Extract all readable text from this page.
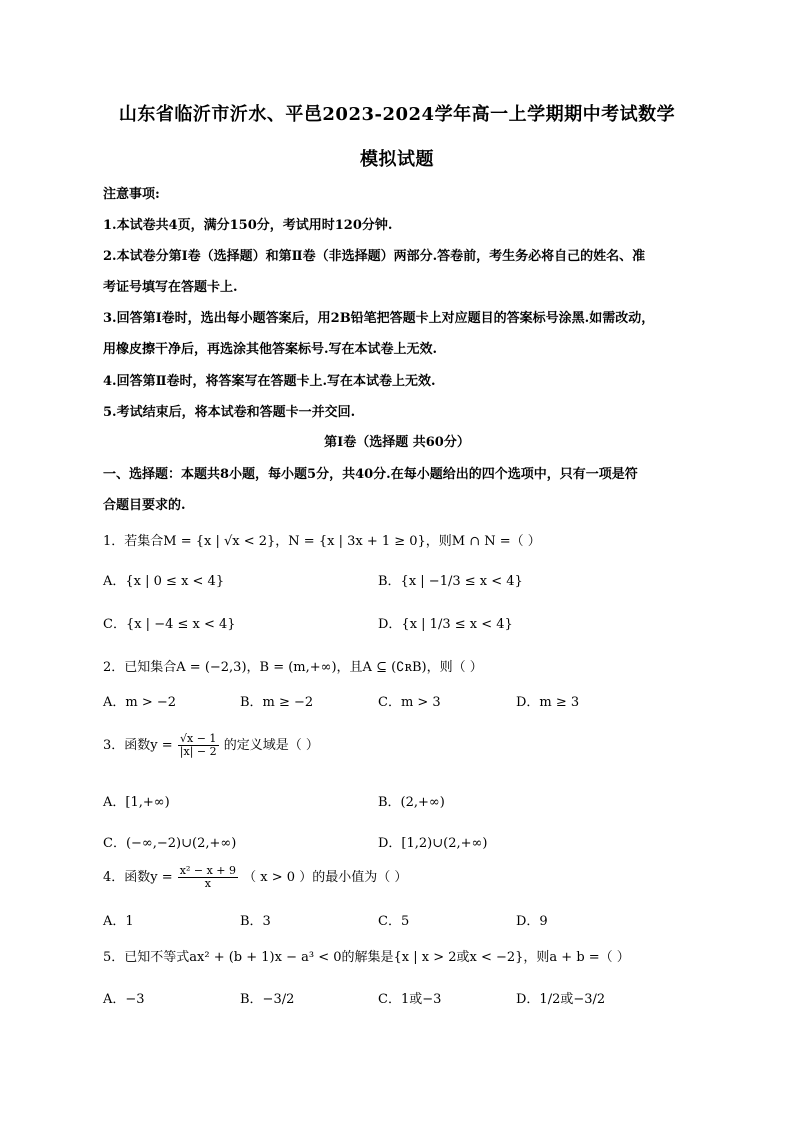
山东省临沂市沂水、平邑2023-2024学年高一上学期期中考试数学
模拟试题
注意事项:
1.本试卷共4页，满分150分，考试用时120分钟.
2.本试卷分第Ⅰ卷（选择题）和第Ⅱ卷（非选择题）两部分.答卷前，考生务必将自己的姓名、准
考证号填写在答题卡上.
3.回答第Ⅰ卷时，选出每小题答案后，用2B铅笔把答题卡上对应题目的答案标号涂黑.如需改动，
用橡皮擦干净后，再选涂其他答案标号.写在本试卷上无效.
4.回答第Ⅱ卷时，将答案写在答题卡上.写在本试卷上无效.
5.考试结束后，将本试卷和答题卡一并交回.
第Ⅰ卷（选择题 共60分）
一、选择题：本题共8小题，每小题5分，共40分.在每小题给出的四个选项中，只有一项是符
合题目要求的.
1．若集合M = {x | √x < 2}，N = {x | 3x + 1 ≥ 0}，则M ∩ N =（ ）
A．{x | 0 ≤ x < 4}	B．{x | −1/3 ≤ x < 4}
C．{x | −4 ≤ x < 4}	D．{x | 1/3 ≤ x < 4}
2．已知集合A = (−2,3)，B = (m,+∞)，且A ⊆ (∁ʀB)，则（ ）
A．m > −2	B．m ≥ −2	C．m > 3	D．m ≥ 3
3．函数$y = \frac{√x - 1}{|x| - 2}$ 的定义域是（ ）
A．[1,+∞)	B．(2,+∞)
C．(−∞,−2)∪(2,+∞)	D．[1,2)∪(2,+∞)
4．函数$y = \frac{\text{x² − x + 9}}{x}$ （ x > 0 ）的最小值为（ ）
A．1	B．3	C．5	D．9
5．已知不等式ax² + (b + 1)x − a³ < 0的解集是{x | x > 2或x < −2}，则a + b =（ ）
A．−3	B．−3/2	C．1或−3	D．1/2或−3/2
